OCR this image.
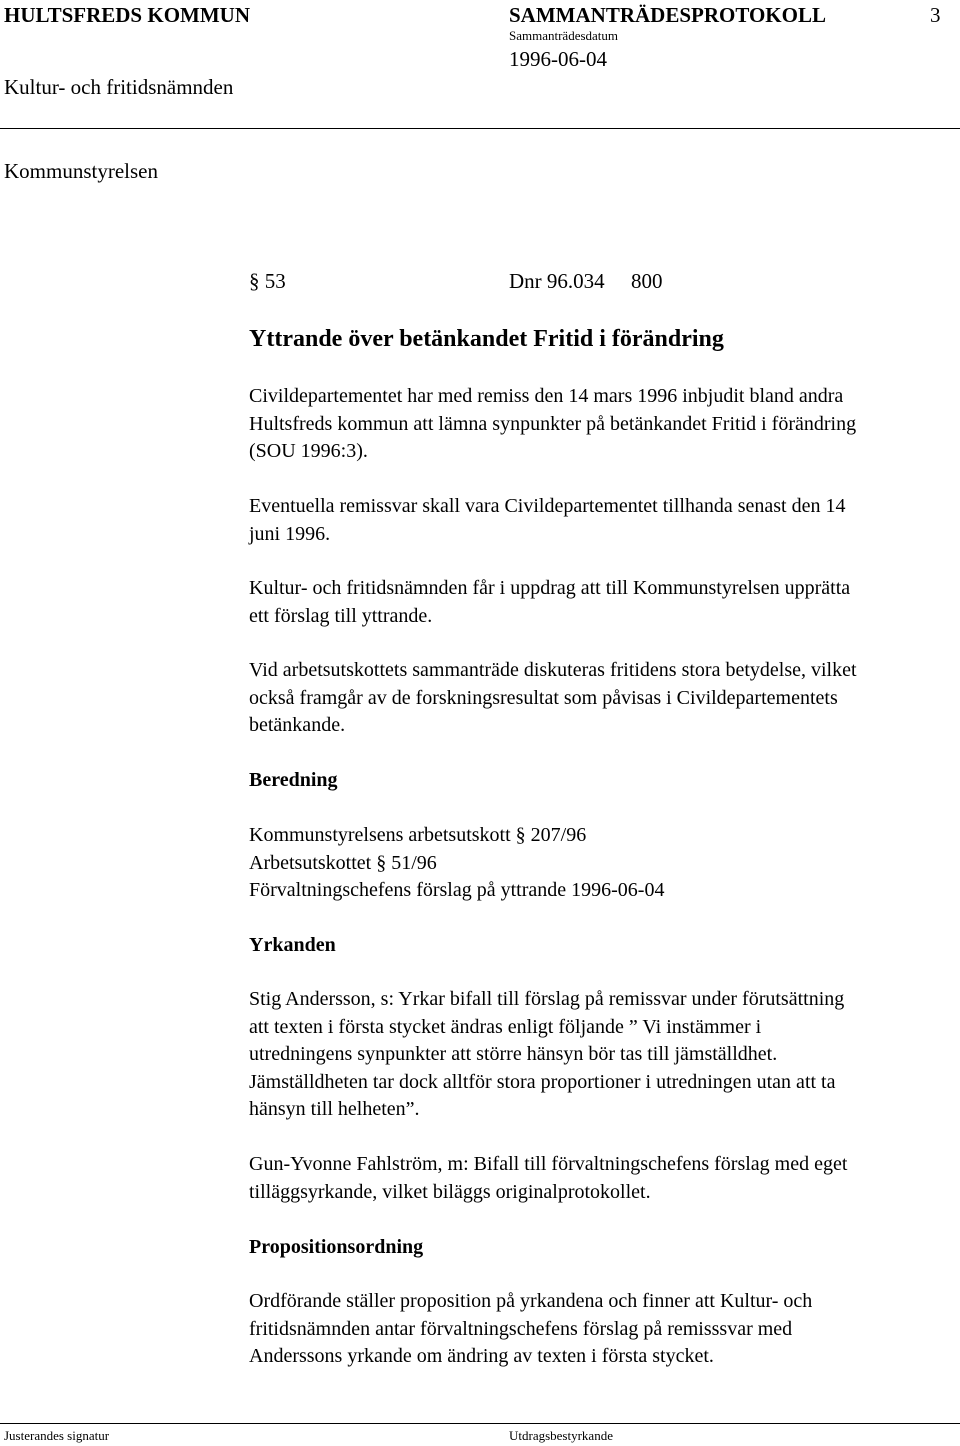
HULTSFREDS KOMMUN	SAMMANTRÄDESPROTOKOLL	3
Sammanträdesdatum
1996-06-04
Kultur- och fritidsnämnden
Kommunstyrelsen
§ 53	Dnr 96.034 800
Yttrande över betänkandet Fritid i förändring
Civildepartementet har med remiss den 14 mars 1996 inbjudit bland andra
Hultsfreds kommun att lämna synpunkter på betänkandet Fritid i förändring
(SOU 1996:3).
Eventuella remissvar skall vara Civildepartementet tillhanda senast den 14
juni 1996.
Kultur- och fritidsnämnden får i uppdrag att till Kommunstyrelsen upprätta
ett förslag till yttrande.
Vid arbetsutskottets sammanträde diskuteras fritidens stora betydelse, vilket
också framgår av de forskningsresultat som påvisas i Civildepartementets
betänkande.
Beredning
Kommunstyrelsens arbetsutskott § 207/96
Arbetsutskottet § 51/96
Förvaltningschefens förslag på yttrande 1996-06-04
Yrkanden
Stig Andersson, s: Yrkar bifall till förslag på remissvar under förutsättning
att texten i första stycket ändras enligt följande ” Vi instämmer i
utredningens synpunkter att större hänsyn bör tas till jämställdhet.
Jämställdheten tar dock alltför stora proportioner i utredningen utan att ta
hänsyn till helheten”.
Gun-Yvonne Fahlström, m: Bifall till förvaltningschefens förslag med eget
tilläggsyrkande, vilket biläggs originalprotokollet.
Propositionsordning
Ordförande ställer proposition på yrkandena och finner att Kultur- och
fritidsnämnden antar förvaltningschefens förslag på remisssvar med
Anderssons yrkande om ändring av texten i första stycket.
Justerandes signatur	Utdragsbestyrkande
